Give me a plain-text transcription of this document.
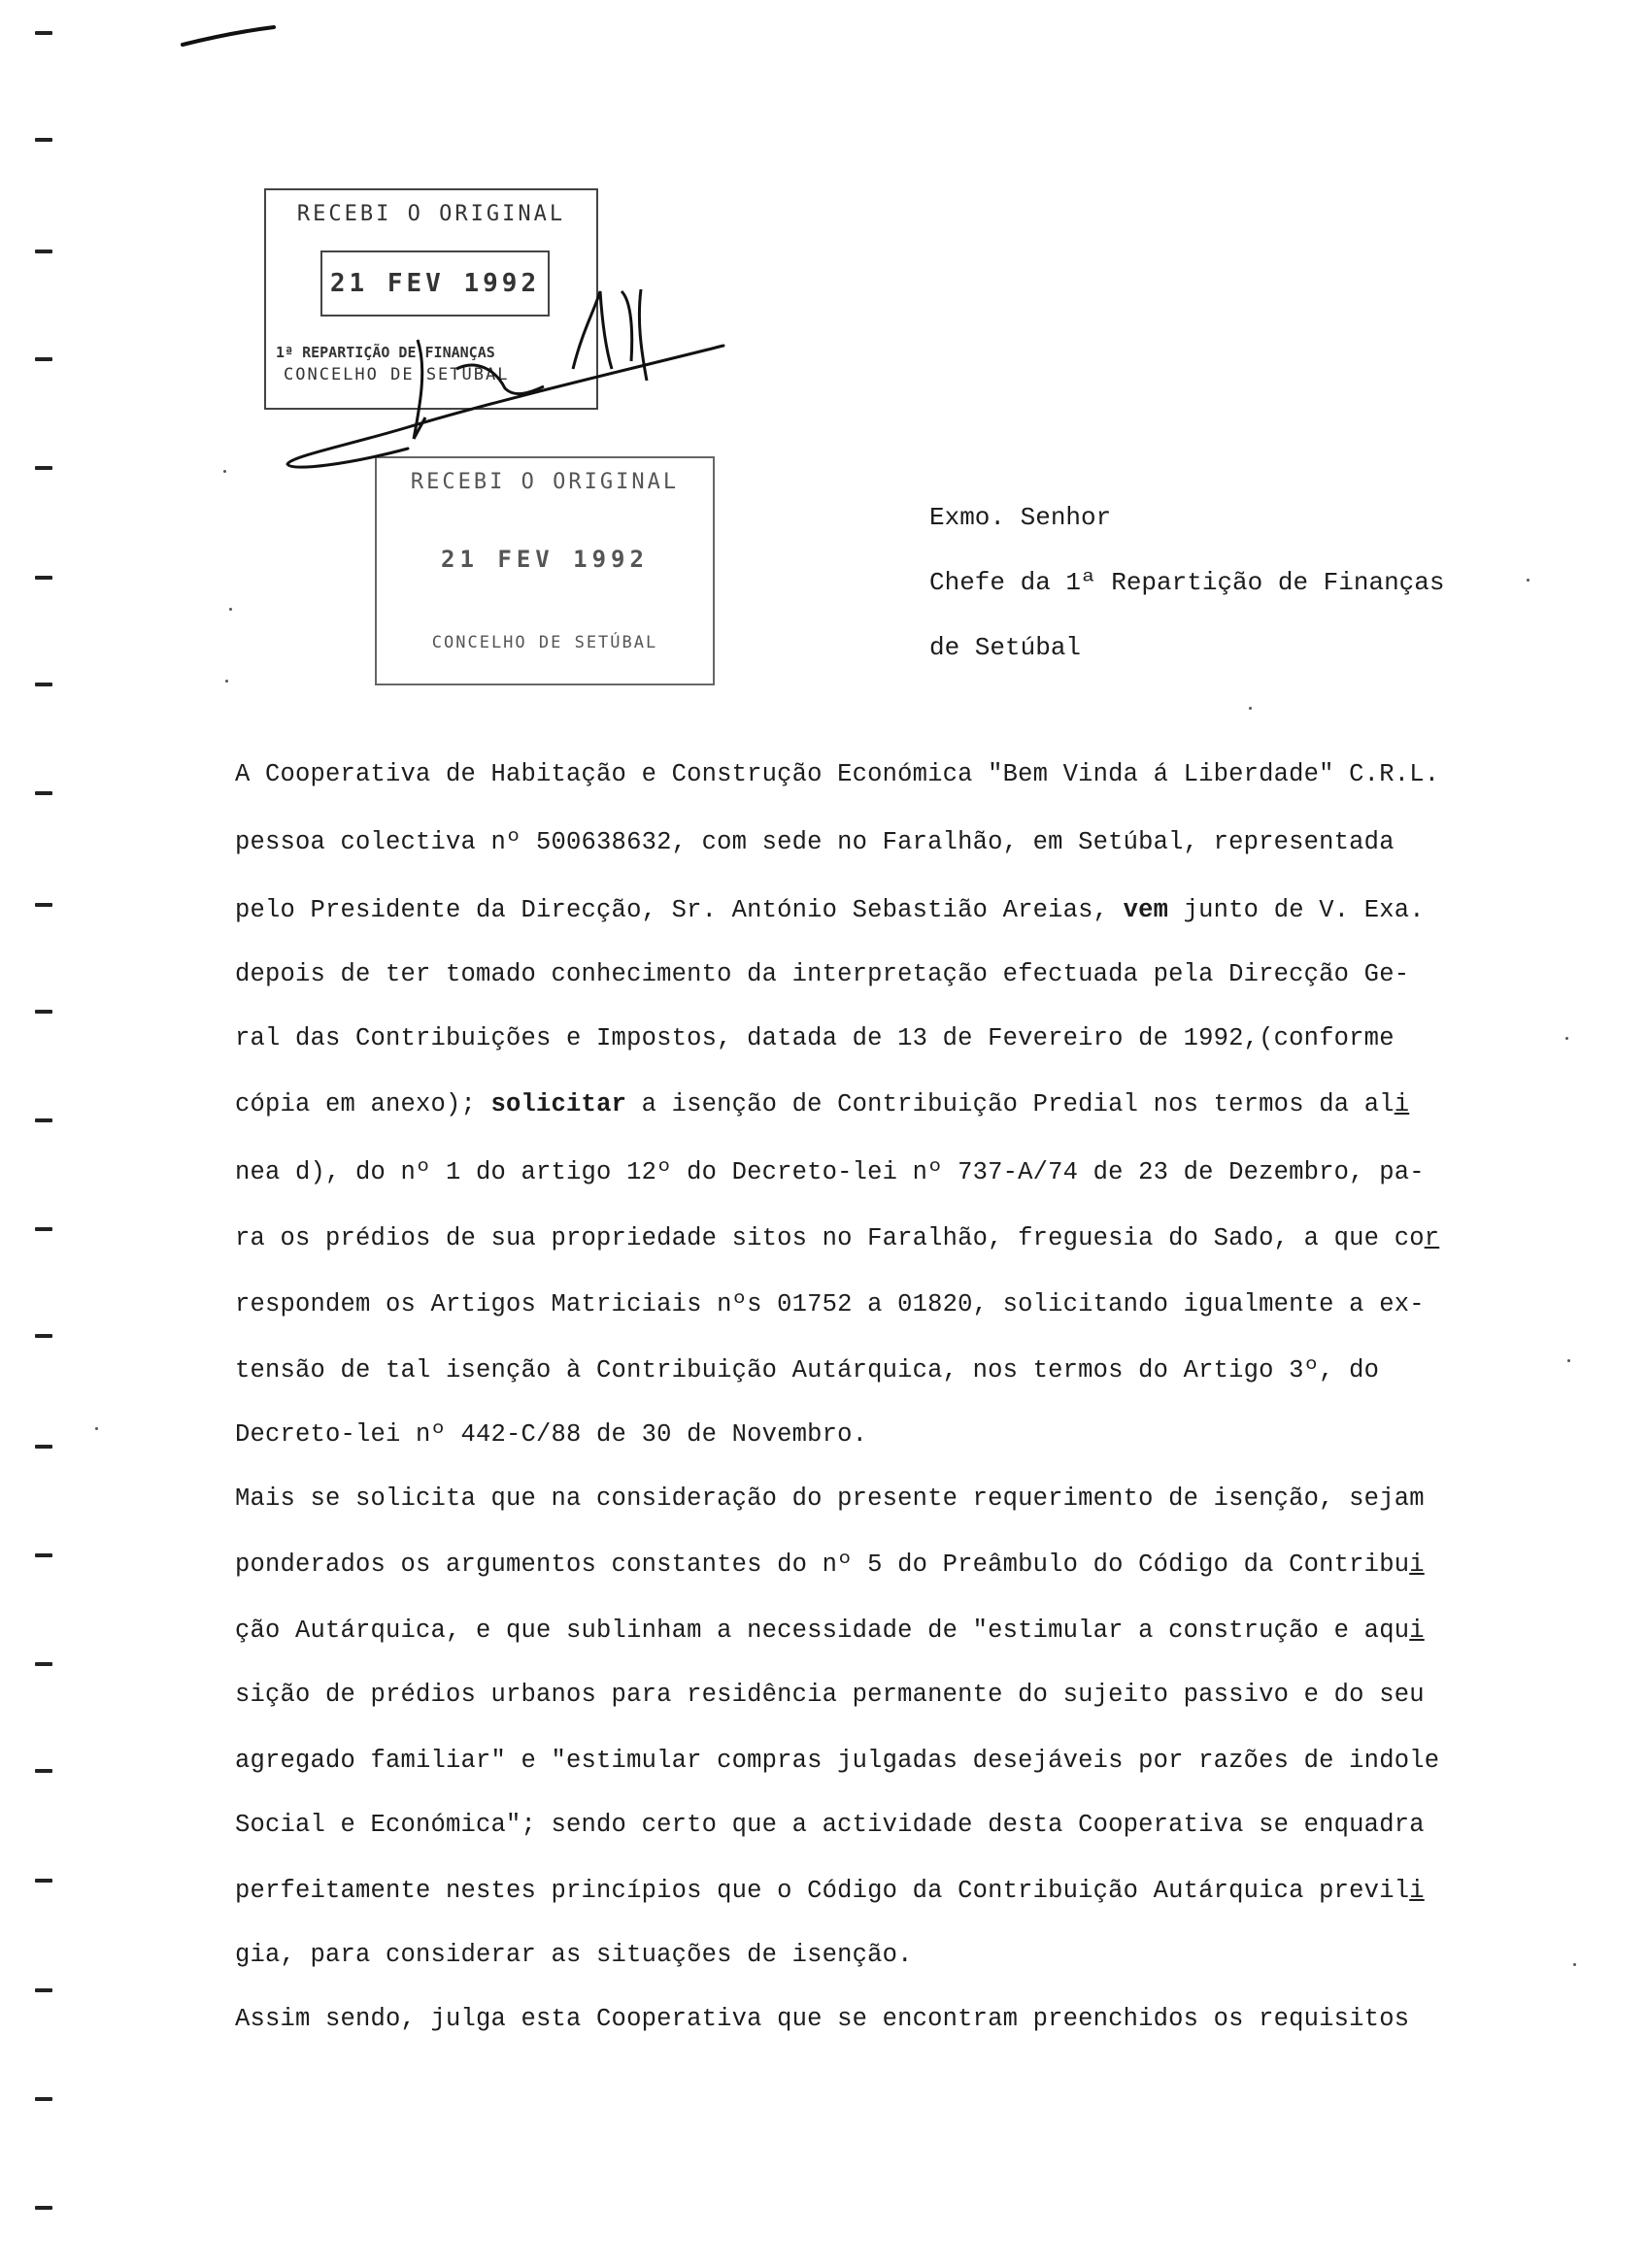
RECEBI O ORIGINAL
21 FEV 1992
1ª REPARTIÇÃO DE FINANÇAS
CONCELHO DE SETÚBAL
RECEBI O ORIGINAL
21 FEV 1992
CONCELHO DE SETÚBAL
Exmo. Senhor
Chefe da 1ª Repartição de Finanças
de Setúbal
A Cooperativa de Habitação e Construção Económica "Bem Vinda á Liberdade" C.R.L.
pessoa colectiva nº 500638632, com sede no Faralhão, em Setúbal, representada
pelo Presidente da Direcção, Sr. António Sebastião Areias, vem junto de V. Exa.
depois de ter tomado conhecimento da interpretação efectuada pela Direcção Ge-
ral das Contribuições e Impostos, datada de 13 de Fevereiro de 1992,(conforme
cópia em anexo); solicitar a isenção de Contribuição Predial nos termos da ali
nea d), do nº 1 do artigo 12º do Decreto-lei nº 737-A/74 de 23 de Dezembro, pa-
ra os prédios de sua propriedade sitos no Faralhão, freguesia do Sado, a que cor
respondem os Artigos Matriciais nºs 01752 a 01820, solicitando igualmente a ex-
tensão de tal isenção à Contribuição Autárquica, nos termos do Artigo 3º, do
Decreto-lei nº 442-C/88 de 30 de Novembro.
Mais se solicita que na consideração do presente requerimento de isenção, sejam
ponderados os argumentos constantes do nº 5 do Preâmbulo do Código da Contribui
ção Autárquica, e que sublinham a necessidade de "estimular a construção e aqui
sição de prédios urbanos para residência permanente do sujeito passivo e do seu
agregado familiar" e "estimular compras julgadas desejáveis por razões de indole
Social e Económica"; sendo certo que a actividade desta Cooperativa se enquadra
perfeitamente nestes princípios que o Código da Contribuição Autárquica previli
gia, para considerar as situações de isenção.
Assim sendo, julga esta Cooperativa que se encontram preenchidos os requisitos
